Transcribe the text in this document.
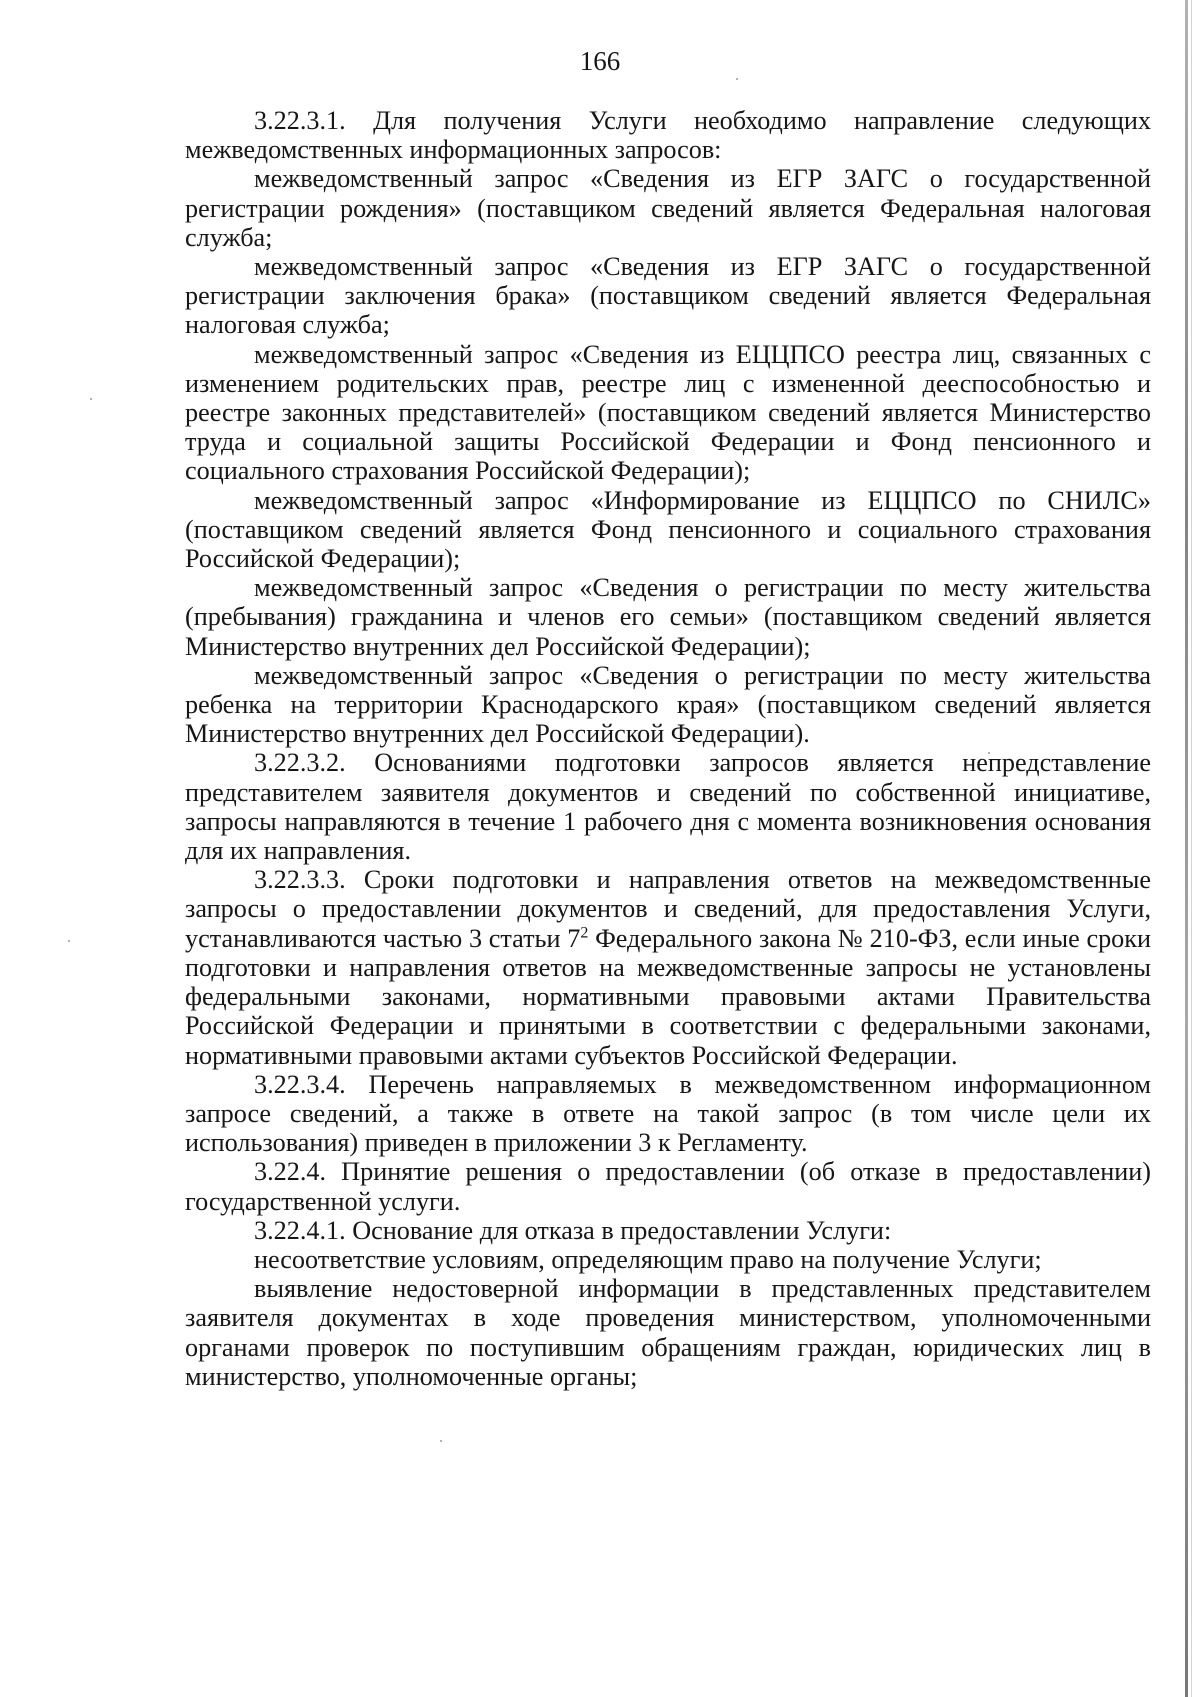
166

3.22.3.1. Для получения Услуги необходимо направление следующих межведомственных информационных запросов:

межведомственный запрос «Сведения из ЕГР ЗАГС о государственной регистрации рождения» (поставщиком сведений является Федеральная налоговая служба;

межведомственный запрос «Сведения из ЕГР ЗАГС о государственной регистрации заключения брака» (поставщиком сведений является Федеральная налоговая служба;

межведомственный запрос «Сведения из ЕЦЦПСО реестра лиц, связанных с изменением родительских прав, реестре лиц с измененной дееспособностью и реестре законных представителей» (поставщиком сведений является Министерство труда и социальной защиты Российской Федерации и Фонд пенсионного и социального страхования Российской Федерации);

межведомственный запрос «Информирование из ЕЦЦПСО по СНИЛС» (поставщиком сведений является Фонд пенсионного и социального страхования Российской Федерации);

межведомственный запрос «Сведения о регистрации по месту жительства (пребывания) гражданина и членов его семьи» (поставщиком сведений является Министерство внутренних дел Российской Федерации);

межведомственный запрос «Сведения о регистрации по месту жительства ребенка на территории Краснодарского края» (поставщиком сведений является Министерство внутренних дел Российской Федерации).

3.22.3.2. Основаниями подготовки запросов является непредставление представителем заявителя документов и сведений по собственной инициативе, запросы направляются в течение 1 рабочего дня с момента возникновения основания для их направления.

3.22.3.3. Сроки подготовки и направления ответов на межведомственные запросы о предоставлении документов и сведений, для предоставления Услуги, устанавливаются частью 3 статьи $7^2$ Федерального закона № 210-ФЗ, если иные сроки подготовки и направления ответов на межведомственные запросы не установлены федеральными законами, нормативными правовыми актами Правительства Российской Федерации и принятыми в соответствии с федеральными законами, нормативными правовыми актами субъектов Российской Федерации.

3.22.3.4. Перечень направляемых в межведомственном информационном запросе сведений, а также в ответе на такой запрос (в том числе цели их использования) приведен в приложении 3 к Регламенту.

3.22.4. Принятие решения о предоставлении (об отказе в предоставлении) государственной услуги.

3.22.4.1. Основание для отказа в предоставлении Услуги:

несоответствие условиям, определяющим право на получение Услуги;

выявление недостоверной информации в представленных представителем заявителя документах в ходе проведения министерством, уполномоченными органами проверок по поступившим обращениям граждан, юридических лиц в министерство, уполномоченные органы;
